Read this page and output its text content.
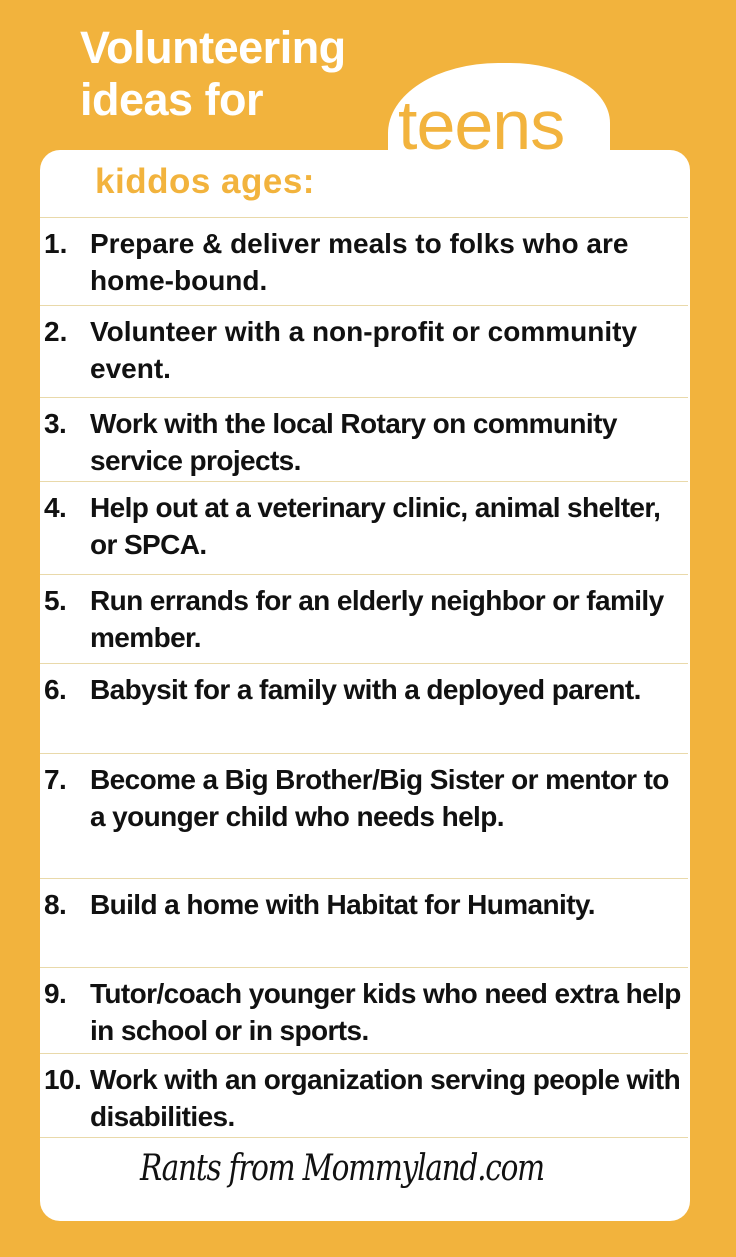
Volunteering
ideas for	teens
kiddos ages:
1. Prepare & deliver meals to folks who are home-bound.
2. Volunteer with a non-profit or community event.
3. Work with the local Rotary on community service projects.
4. Help out at a veterinary clinic, animal shelter, or SPCA.
5. Run errands for an elderly neighbor or family member.
6. Babysit for a family with a deployed parent.
7. Become a Big Brother/Big Sister or mentor to a younger child who needs help.
8. Build a home with Habitat for Humanity.
9. Tutor/coach younger kids who need extra help in school or in sports.
10. Work with an organization serving people with disabilities.
Rants from Mommyland.com
